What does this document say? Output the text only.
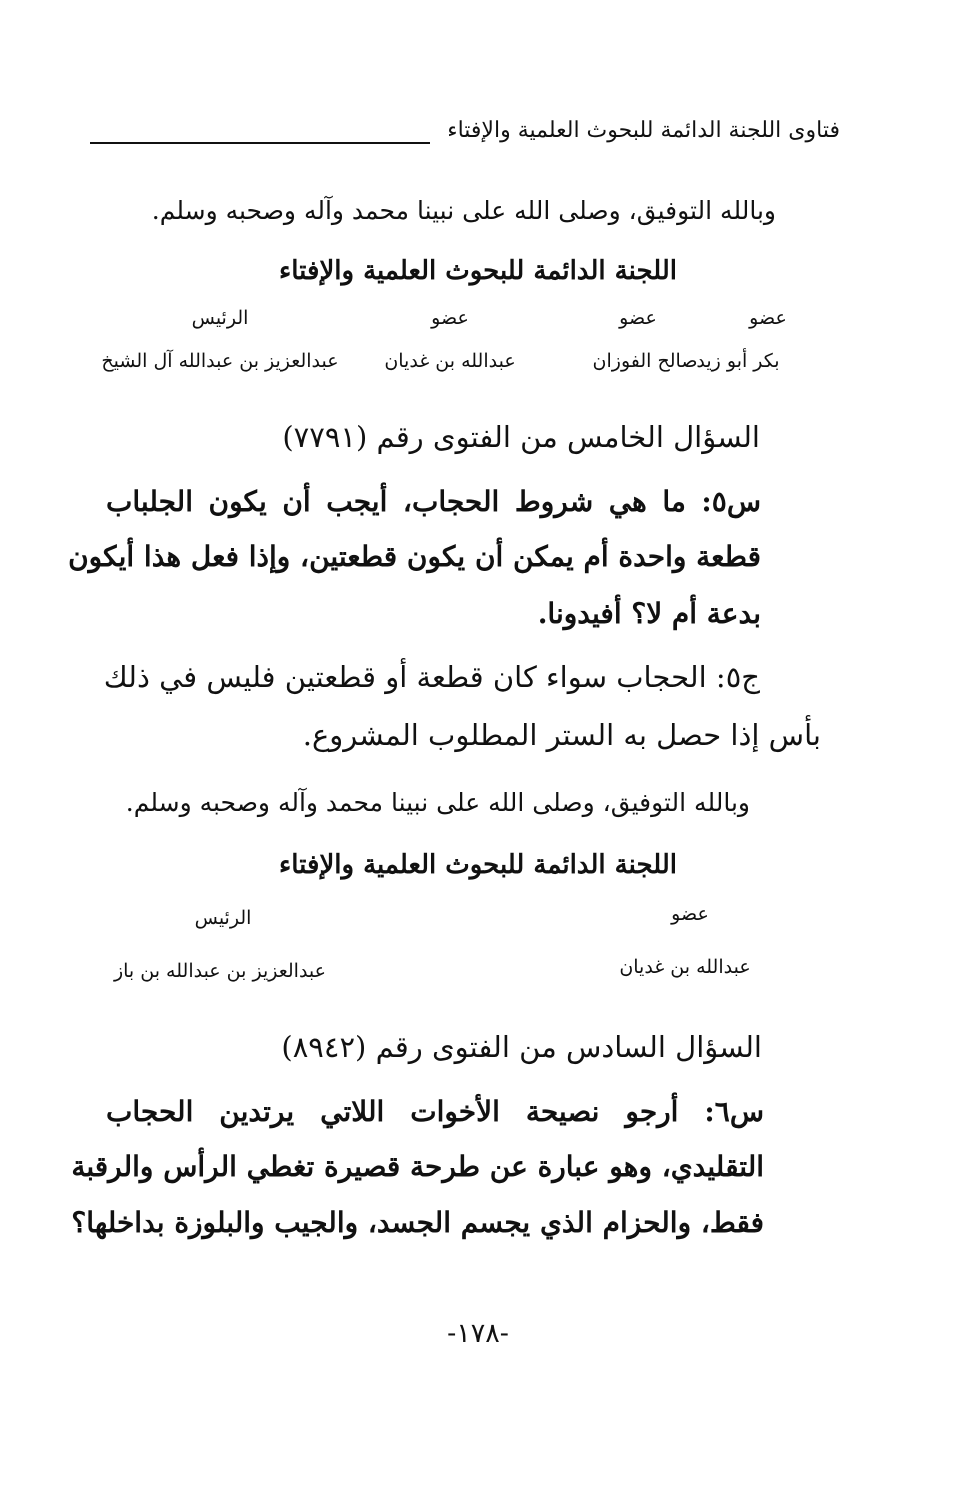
فتاوى اللجنة الدائمة للبحوث العلمية والإفتاء
وبالله التوفيق، وصلى الله على نبينا محمد وآله وصحبه وسلم.
اللجنة الدائمة للبحوث العلمية والإفتاء
عضو
عضو
عضو
الرئيس
بكر أبو زيد
صالح الفوزان
عبدالله بن غديان
عبدالعزيز بن عبدالله آل الشيخ
السؤال الخامس من الفتوى رقم (٧٧٩١)
س٥: ما هي شروط الحجاب، أيجب أن يكون الجلباب
قطعة واحدة أم يمكن أن يكون قطعتين، وإذا فعل هذا أيكون
بدعة أم لا؟ أفيدونا.
ج٥: الحجاب سواء كان قطعة أو قطعتين فليس في ذلك
بأس إذا حصل به الستر المطلوب المشروع.
وبالله التوفيق، وصلى الله على نبينا محمد وآله وصحبه وسلم.
اللجنة الدائمة للبحوث العلمية والإفتاء
عضو
الرئيس
عبدالله بن غديان
عبدالعزيز بن عبدالله بن باز
السؤال السادس من الفتوى رقم (٨٩٤٢)
س٦: أرجو نصيحة الأخوات اللاتي يرتدين الحجاب
التقليدي، وهو عبارة عن طرحة قصيرة تغطي الرأس والرقبة
فقط، والحزام الذي يجسم الجسد، والجيب والبلوزة بداخلها؟
-١٧٨-
